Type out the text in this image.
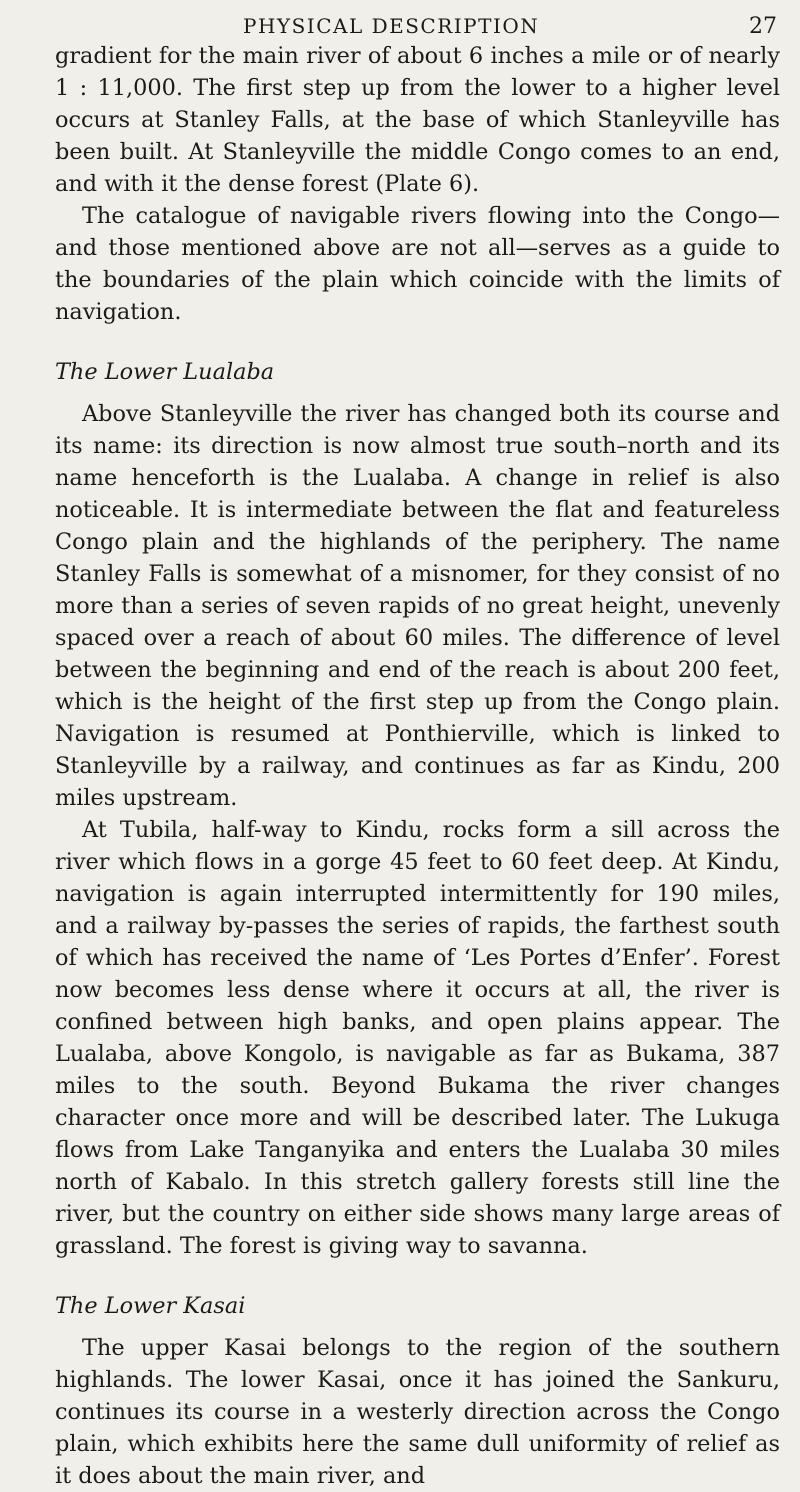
PHYSICAL DESCRIPTION	27

gradient for the main river of about 6 inches a mile or of nearly 1 : 11,000. The first step up from the lower to a higher level occurs at Stanley Falls, at the base of which Stanleyville has been built. At Stanleyville the middle Congo comes to an end, and with it the dense forest (Plate 6).

The catalogue of navigable rivers flowing into the Congo—and those mentioned above are not all—serves as a guide to the boundaries of the plain which coincide with the limits of navigation.

The Lower Lualaba

Above Stanleyville the river has changed both its course and its name: its direction is now almost true south–north and its name henceforth is the Lualaba. A change in relief is also noticeable. It is intermediate between the flat and featureless Congo plain and the highlands of the periphery. The name Stanley Falls is somewhat of a misnomer, for they consist of no more than a series of seven rapids of no great height, unevenly spaced over a reach of about 60 miles. The difference of level between the beginning and end of the reach is about 200 feet, which is the height of the first step up from the Congo plain. Navigation is resumed at Ponthierville, which is linked to Stanleyville by a railway, and continues as far as Kindu, 200 miles upstream.

At Tubila, half-way to Kindu, rocks form a sill across the river which flows in a gorge 45 feet to 60 feet deep. At Kindu, navigation is again interrupted intermittently for 190 miles, and a railway by-passes the series of rapids, the farthest south of which has received the name of ‘Les Portes d’Enfer’. Forest now becomes less dense where it occurs at all, the river is confined between high banks, and open plains appear. The Lualaba, above Kongolo, is navigable as far as Bukama, 387 miles to the south. Beyond Bukama the river changes character once more and will be described later. The Lukuga flows from Lake Tanganyika and enters the Lualaba 30 miles north of Kabalo. In this stretch gallery forests still line the river, but the country on either side shows many large areas of grassland. The forest is giving way to savanna.

The Lower Kasai

The upper Kasai belongs to the region of the southern highlands. The lower Kasai, once it has joined the Sankuru, continues its course in a westerly direction across the Congo plain, which exhibits here the same dull uniformity of relief as it does about the main river, and
